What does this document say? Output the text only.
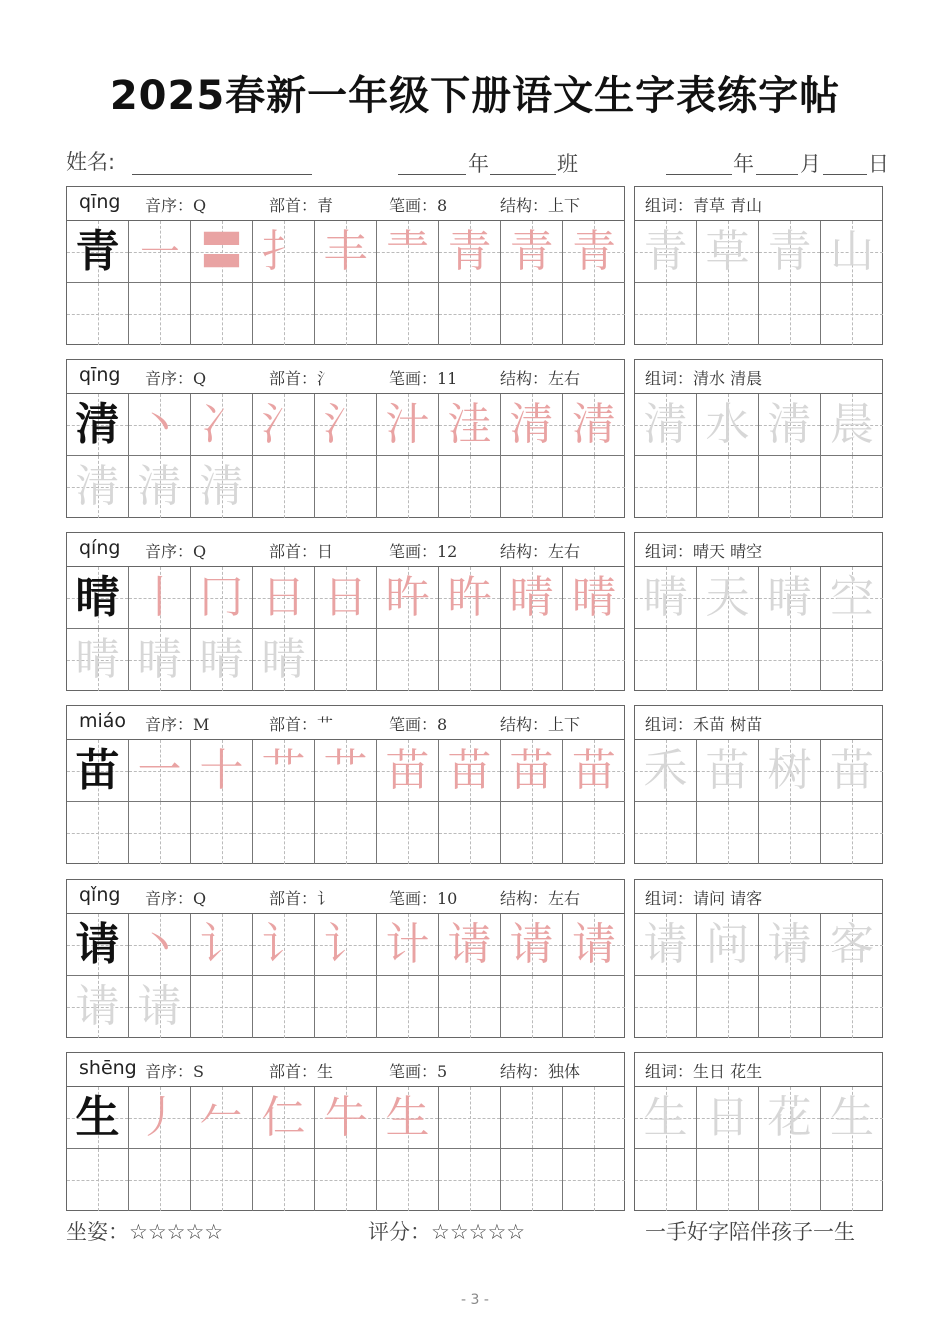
2025春新一年级下册语文生字表练字帖
姓名:	年	班	年 月 日
qīng 音序：Q	部首：青	笔画：8	结构：上下
青 ㇐ 〓 ⺘ 丰 龶 青 青 青
组词：青草 青山
青 草 青 山
qīng 音序：Q	部首：氵	笔画：11	结构：左右
清 丶 冫 氵 氵 汁 洼 清 清
清 清 清
组词：清水 清晨
清 水 清 晨
qíng 音序：Q	部首：日	笔画：12	结构：左右
晴 丨 冂 日 日 旿 旿 晴 晴
晴 晴 晴 晴
组词：晴天 晴空
晴 天 晴 空
miáo 音序：M	部首：艹	笔画：8	结构：上下
苗 一 十 艹 艹 苗 苗 苗 苗
组词：禾苗 树苗
禾 苗 树 苗
qǐng 音序：Q	部首：讠	笔画：10	结构：左右
请 丶 讠 讠 讠 计 请 请 请
请 请
组词：请问 请客
请 问 请 客
shēng 音序：S	部首：生	笔画：5	结构：独体
生 丿 𠂉 仁 牛 生
组词：生日 花生
生 日 花 生
坐姿：☆☆☆☆☆	评分：☆☆☆☆☆	一手好字陪伴孩子一生
- 3 -
